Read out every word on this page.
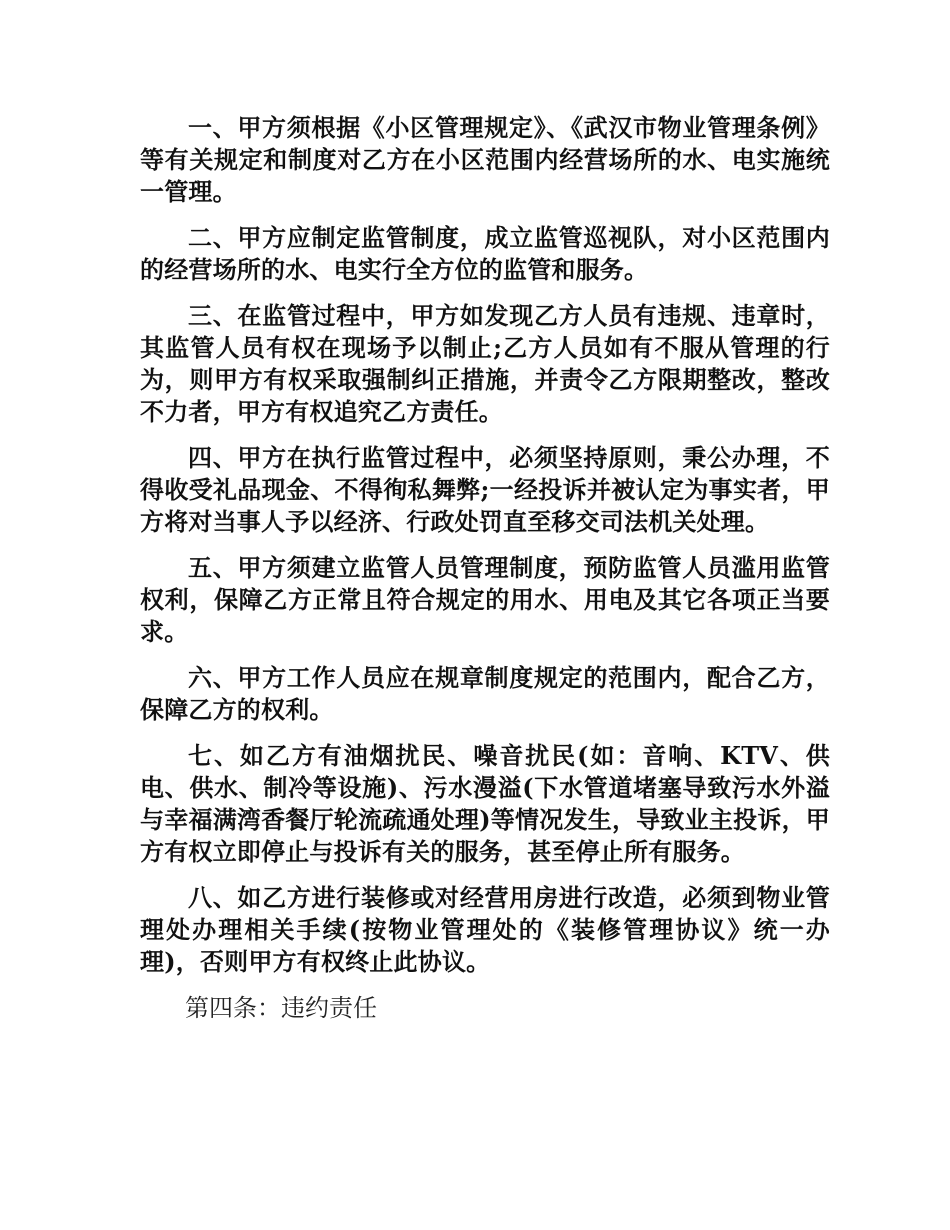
一、甲方须根据《小区管理规定》、《武汉市物业管理条例》等有关规定和制度对乙方在小区范围内经营场所的水、电实施统一管理。

二、甲方应制定监管制度，成立监管巡视队，对小区范围内的经营场所的水、电实行全方位的监管和服务。

三、在监管过程中，甲方如发现乙方人员有违规、违章时，其监管人员有权在现场予以制止;乙方人员如有不服从管理的行为，则甲方有权采取强制纠正措施，并责令乙方限期整改，整改不力者，甲方有权追究乙方责任。

四、甲方在执行监管过程中，必须坚持原则，秉公办理，不得收受礼品现金、不得徇私舞弊;一经投诉并被认定为事实者，甲方将对当事人予以经济、行政处罚直至移交司法机关处理。

五、甲方须建立监管人员管理制度，预防监管人员滥用监管权利，保障乙方正常且符合规定的用水、用电及其它各项正当要求。

六、甲方工作人员应在规章制度规定的范围内，配合乙方，保障乙方的权利。

七、如乙方有油烟扰民、噪音扰民(如：音响、KTV、供电、供水、制冷等设施)、污水漫溢(下水管道堵塞导致污水外溢与幸福满湾香餐厅轮流疏通处理)等情况发生，导致业主投诉，甲方有权立即停止与投诉有关的服务，甚至停止所有服务。

八、如乙方进行装修或对经营用房进行改造，必须到物业管理处办理相关手续(按物业管理处的《装修管理协议》统一办理)，否则甲方有权终止此协议。

第四条：违约责任
